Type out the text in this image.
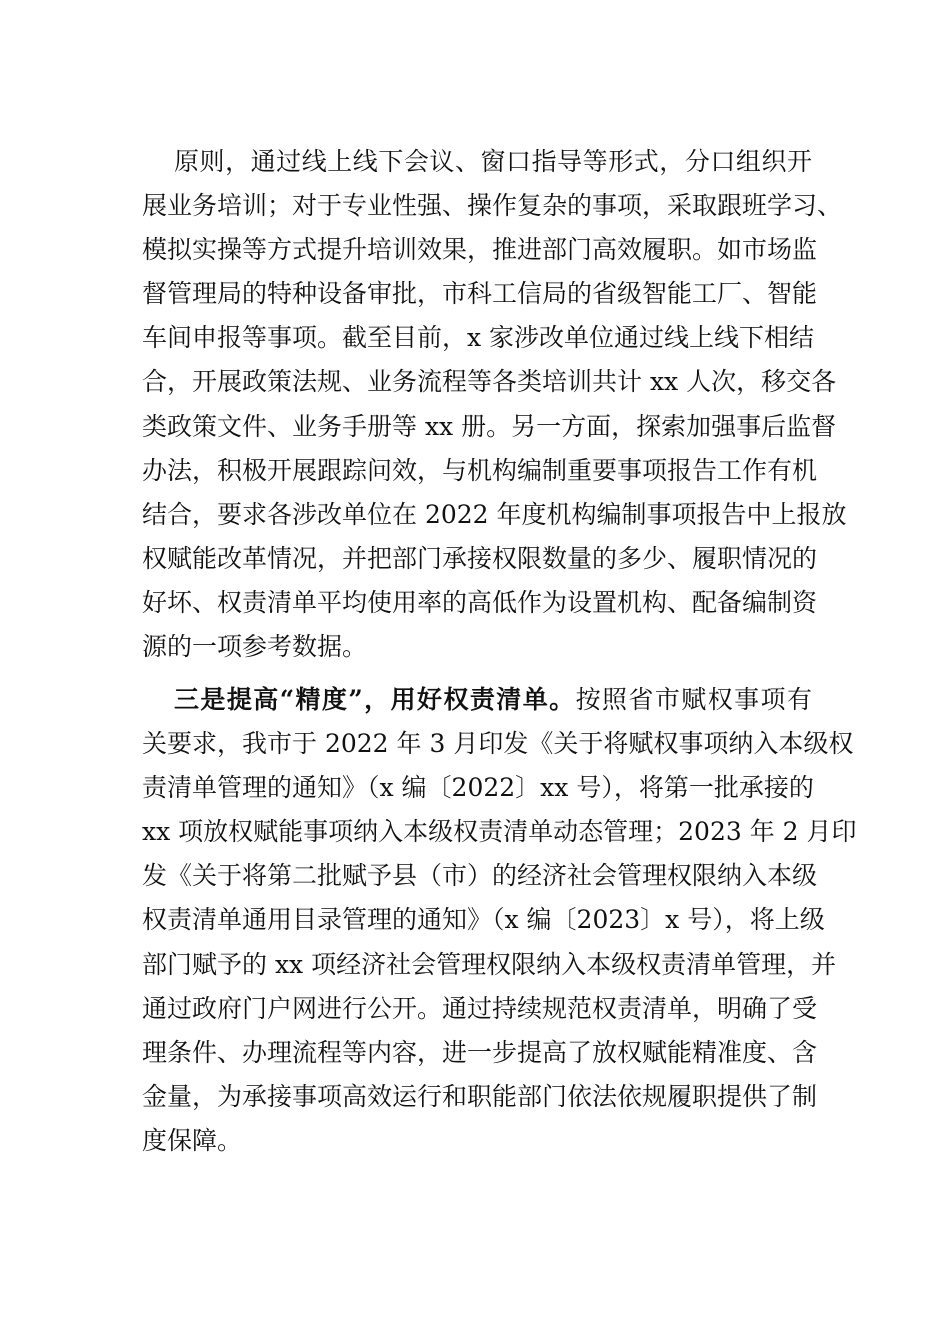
原则，通过线上线下会议、窗口指导等形式，分口组织开
展业务培训；对于专业性强、操作复杂的事项，采取跟班学习、
模拟实操等方式提升培训效果，推进部门高效履职。如市场监
督管理局的特种设备审批，市科工信局的省级智能工厂、智能
车间申报等事项。截至目前，x 家涉改单位通过线上线下相结
合，开展政策法规、业务流程等各类培训共计 xx 人次，移交各
类政策文件、业务手册等 xx 册。另一方面，探索加强事后监督
办法，积极开展跟踪问效，与机构编制重要事项报告工作有机
结合，要求各涉改单位在 2022 年度机构编制事项报告中上报放
权赋能改革情况，并把部门承接权限数量的多少、履职情况的
好坏、权责清单平均使用率的高低作为设置机构、配备编制资
源的一项参考数据。
三是提高“精度”，用好权责清单。按照省市赋权事项有
关要求，我市于 2022 年 3 月印发《关于将赋权事项纳入本级权
责清单管理的通知》（x 编〔2022〕xx 号），将第一批承接的
xx 项放权赋能事项纳入本级权责清单动态管理；2023 年 2 月印
发《关于将第二批赋予县（市）的经济社会管理权限纳入本级
权责清单通用目录管理的通知》（x 编〔2023〕x 号），将上级
部门赋予的 xx 项经济社会管理权限纳入本级权责清单管理，并
通过政府门户网进行公开。通过持续规范权责清单，明确了受
理条件、办理流程等内容，进一步提高了放权赋能精准度、含
金量，为承接事项高效运行和职能部门依法依规履职提供了制
度保障。
